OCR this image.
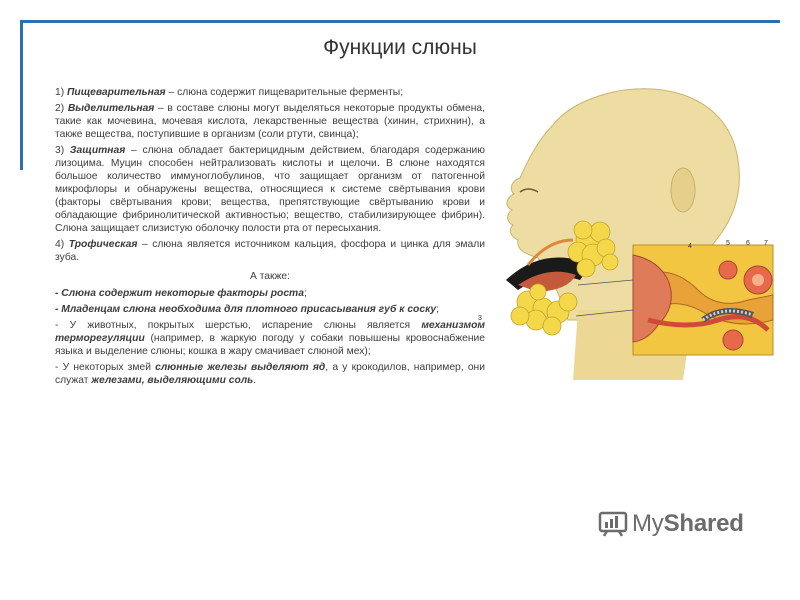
Функции слюны

1) Пищеварительная – слюна содержит пищеварительные ферменты;

2) Выделительная – в составе слюны могут выделяться некоторые продукты обмена, такие как мочевина, мочевая кислота, лекарственные вещества (хинин, стрихнин), а также вещества, поступившие в организм (соли ртути, свинца);

3) Защитная – слюна обладает бактерицидным действием, благодаря содержанию лизоцима. Муцин способен нейтрализовать кислоты и щелочи. В слюне находятся большое количество иммуноглобулинов, что защищает организм от патогенной микрофлоры и обнаружены вещества, относящиеся к системе свёртывания крови (факторы свёртывания крови; вещества, препятствующие свёртыванию крови и обладающие фибринолитической активностью; вещество, стабилизирующее фибрин). Слюна защищает слизистую оболочку полости рта от пересыхания.

4) Трофическая – слюна является источником кальция, фосфора и цинка для эмали зуба.

А также:

- Слюна содержит некоторые факторы роста;

- Младенцам слюна необходима для плотного присасывания губ к соску;

- У животных, покрытых шерстью, испарение слюны является механизмом терморегуляции (например, в жаркую погоду у собаки повышены кровоснабжение языка и выделение слюны; кошка в жару смачивает слюной мех);

- У некоторых змей слюнные железы выделяют яд, а у крокодилов, например, они служат железами, выделяющими соль.

4	5 6 7
3
MyShared
